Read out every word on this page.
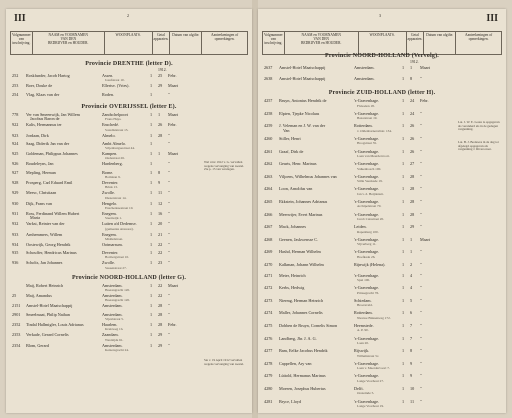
III	2
Volgnummer van inschrijving.	
NAAM en VOORNAMEN
VAN DEN
BEDRIJVER en HOUDER.
	WOONPLAATS.	Getal apparaten.	Datum van afgifte.	Aanteekeningen of opmerkingen.
Provincie DRENTHE (letter D).
1912.
252	Roskfunder, Jacob Hartog	Assen.	1	25	Febr.
Jozefstraat 10.
253	Boer, Douke de	Ellertsv. (Vries).	1	29	Maart
254	Vlag, Klaas van der	Roden.	1	"
Provincie OVERIJSSEL (letter E).
778	Ver van Smeenwijk, Jan Willem	Zandschelpoort	1	1	Maart
Jacobus Baron de	Frans Huys.
922	Kalis, Hermannus ter	Enschedé.	1	26	Febr.
Sotadiststraat 13.
923	Jordaan, Dirk	Almelo.	1	28	"
924	Saag, Diderik Jan van der	Ambt Almelo.	1	"
Vrijenburgsestraat 44.
925	Goldeman, Philippus Johannes	Kampen.	1	1	Maart
Oudestraat 26.
926	Boudeleyns, Jan	Hardenberg.	1	"
927	Mepling, Herman	Borne.	1	8	"
Bomlaan 9.
928	Prosperg, Carl Eduard Emil	Deventer.	1	9	"
Brink 13.
929	Meesc, Christiaan	Zwolle.	1	11	"
Diezerstraat 14.
930	Dijk, Frans van	Hengelo.	1	12	"
Enschedesestraat 10.
931	Ross, Ferdinand Willem Hubert	Enegem.	1	16	"
Maria	Steenwijk 1.
932	Varkst, Reinier van der	Lutten a/d Dedemsv.	1	20	"
(gemeente Avereest).
933	Arnhemmers, Willem	Enegem.	1	21	"
Middelstraat.
934	Oostewijk, Georg Hendrik	Ootmarsum.	1	22	"
935	Schouffer, Hendricus Marinus	Deventer.	1	22	"
Boxbergstraat 10.
936	Scholts, Jan Johannes	Zwolle.	1	23	"
Sassenstraat 27.
Provincie NOORD-HOLLAND (letter G).
Maij, Robert Heinrich	Amsterdam.	1	22	Maart
Heerengracht 120.
25	Maij, Amandus	Amsterdam.	1	22	"
Heerengracht 120.
2151	Amstel-Hotel Maatschappij	Amsterdam.	1	28	"
2901	Smeelmaat, Philip Nathan	Amsterdam.	1	28	"
Vijzelstraat 5.
2352	Tindal Hallmigler, Louis Adrianus	Haarlem.	1	28	Febr.
Kruisweg 1b.
2353	Verkade, Gerard Cornelis	Zaandam.	1	29	"
Westzijde 61.
2354	Blom, Gerard	Amsterdam.	1	29	"
Keizersgracht 24.
Wel vóór 1912 v. G. vervallen wegens vervanging van toestel. Zie p. 15 van verslagen.
Sie v. 19 April 1912 vervallen wegens vervanging van toestel.
III
3
Volgnummer van inschrijving.	
NAAM en VOORNAMEN
VAN DEN
BEDRIJVER en HOUDER.
	WOONPLAATS.	Getal apparaten.	Datum van afgifte.	Aanteekeningen of opmerkingen.
Provincie NOORD-HOLLAND (Vervolg).
1912.
2637	Amstel-Hotel Maatschappij	Amsterdam.	1	1	Maart
2638	Amstel-Hotel Maatschappij	Amsterdam.	1	8	"
Provincie ZUID-HOLLAND (letter H).
4257	Bruyn, Antonius Hendrik de	's-Gravenhage.	1	24	Febr.
Fluwelen 18.
4258	Elpten, Tjepke Nicolaas	's-Gravenhage.	1	24	"
Bazarstraat 19.
4259	J. Veleman en J. W. van der	Rotterdam.	1	26	"
Van	v. Oldenbarneveltstr. 134.
4260	Stiller, Henri	's-Gravenhage.	1	26	"
Hoogstraat 35.
4261	Graaf, Dirk de	's-Gravenhage.	1	26	"
Laan van Meerdervoort.
4262	Geurts, Henr. Marinus	's-Gravenhage.	1	27	"
Valkenbosch 100.
4263	Viljoens, Wilhelmus Johannes van	's-Gravenhage.	1	28	"
Stille Veerkade 19.
4264	Loon, Arnoldus van	's-Gravenhage.	1	28	"
Jan v. d. Heijdenstr.
4265	Ekkstein, Johannes Adrianus	's-Gravenhage.	1	28	"
Archipelstraat 70.
4266	Meerwijer, Evert Marinus	's-Gravenhage.	1	28	"
Jacob Catsstraat 20.
4267	Mack, Johannes	Leiden.	1	29	"
Rapenburg 100.
4268	Geenen, Jaskwensse C.	's-Gravenhage.	1	1	Maart
Vijverberg 11.
4269	Hashd, Herman Wilhelm	's-Gravenhage.	1	1	"
Hoefkade 26.
4270	Kalkman, Johann Wilhelm	Rijnwijk (Helena).	1	2	"
4271	Meter, Heinrich	's-Gravenhage.	1	4	"
Spui 100.
4272	Kerbs, Hedwig	's-Gravenhage.	1	4	"
Prinsegracht 76.
4273	Niermg, Herman Heinrich	Schiedam.	1	5	"
Broersveld.
4274	Maller, Johannes Cornelis	Rotterdam.	1	6	"
Nieuwe Binnenweg 172.
4275	Dobben de Bruyn, Cornelis Simon	Heemstede.	1	7	"
A. P. 90.
4276	Landberg, Jhr. J. A. G.	's-Gravenhage.	1	7	"
Laan 20.
4277	Bam, Eelke Jacobus Hendrik	Rijswijk.	1	8	"
Willemstraat 5c.
4278	Cappellen, Ary van	's-Gravenhage.	1	9	"
Laan v. Meerdervoort 7.
4279	Lüttold, Hermanus Marinus	's-Gravenhage.	1	9	"
Lange Voorhout 27.
4280	Moeren, Josephus Hubertus	Delft.	1	10	"
Oosteinde 5.
4281	Bryce, Lloyd	's-Gravenhage.	1	11	"
Lange Voorhout 19.
Lat. J. W. E. Loure is opgegeven als veranderd als in de gedegen vergunning.
Lat. B. J. Bodewes in de dag tot afgelegd opgegeven als vergunning J. Rivera naar.
